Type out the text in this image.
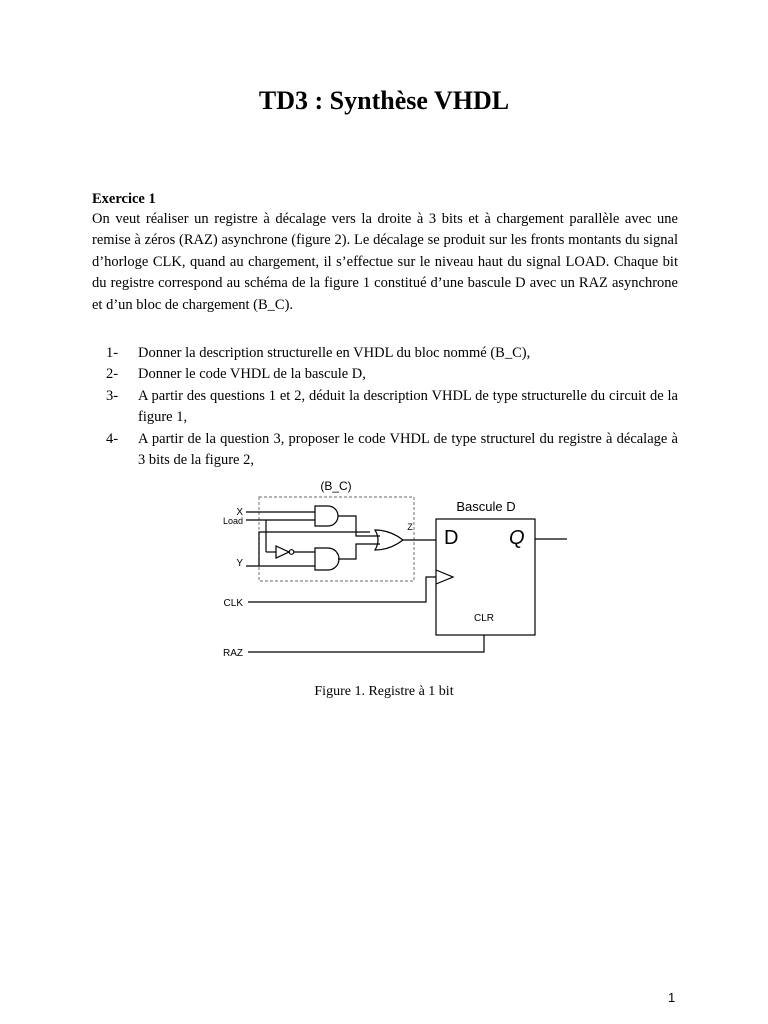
TD3 : Synthèse VHDL
Exercice 1
On veut réaliser un registre à décalage vers la droite à 3 bits et à chargement parallèle avec une remise à zéros (RAZ) asynchrone (figure 2). Le décalage se produit sur les fronts montants du signal d’horloge CLK, quand au chargement, il s’effectue sur le niveau haut du signal LOAD. Chaque bit du registre correspond au schéma de la figure 1 constitué d’une bascule D avec un RAZ asynchrone et d’un bloc de chargement (B_C).
1- Donner la description structurelle en VHDL du bloc nommé (B_C),
2- Donner le code VHDL de la bascule D,
3- A partir des questions 1 et 2, déduit la description VHDL de type structurelle du circuit de la figure 1,
4- A partir de la question 3, proposer le code VHDL de type structurel du registre à décalage à 3 bits de la figure 2,
(B_C)
Bascule D
D	Q
CLR
X
Load
Y
Z
CLK
RAZ
Figure 1. Registre à 1 bit
1
